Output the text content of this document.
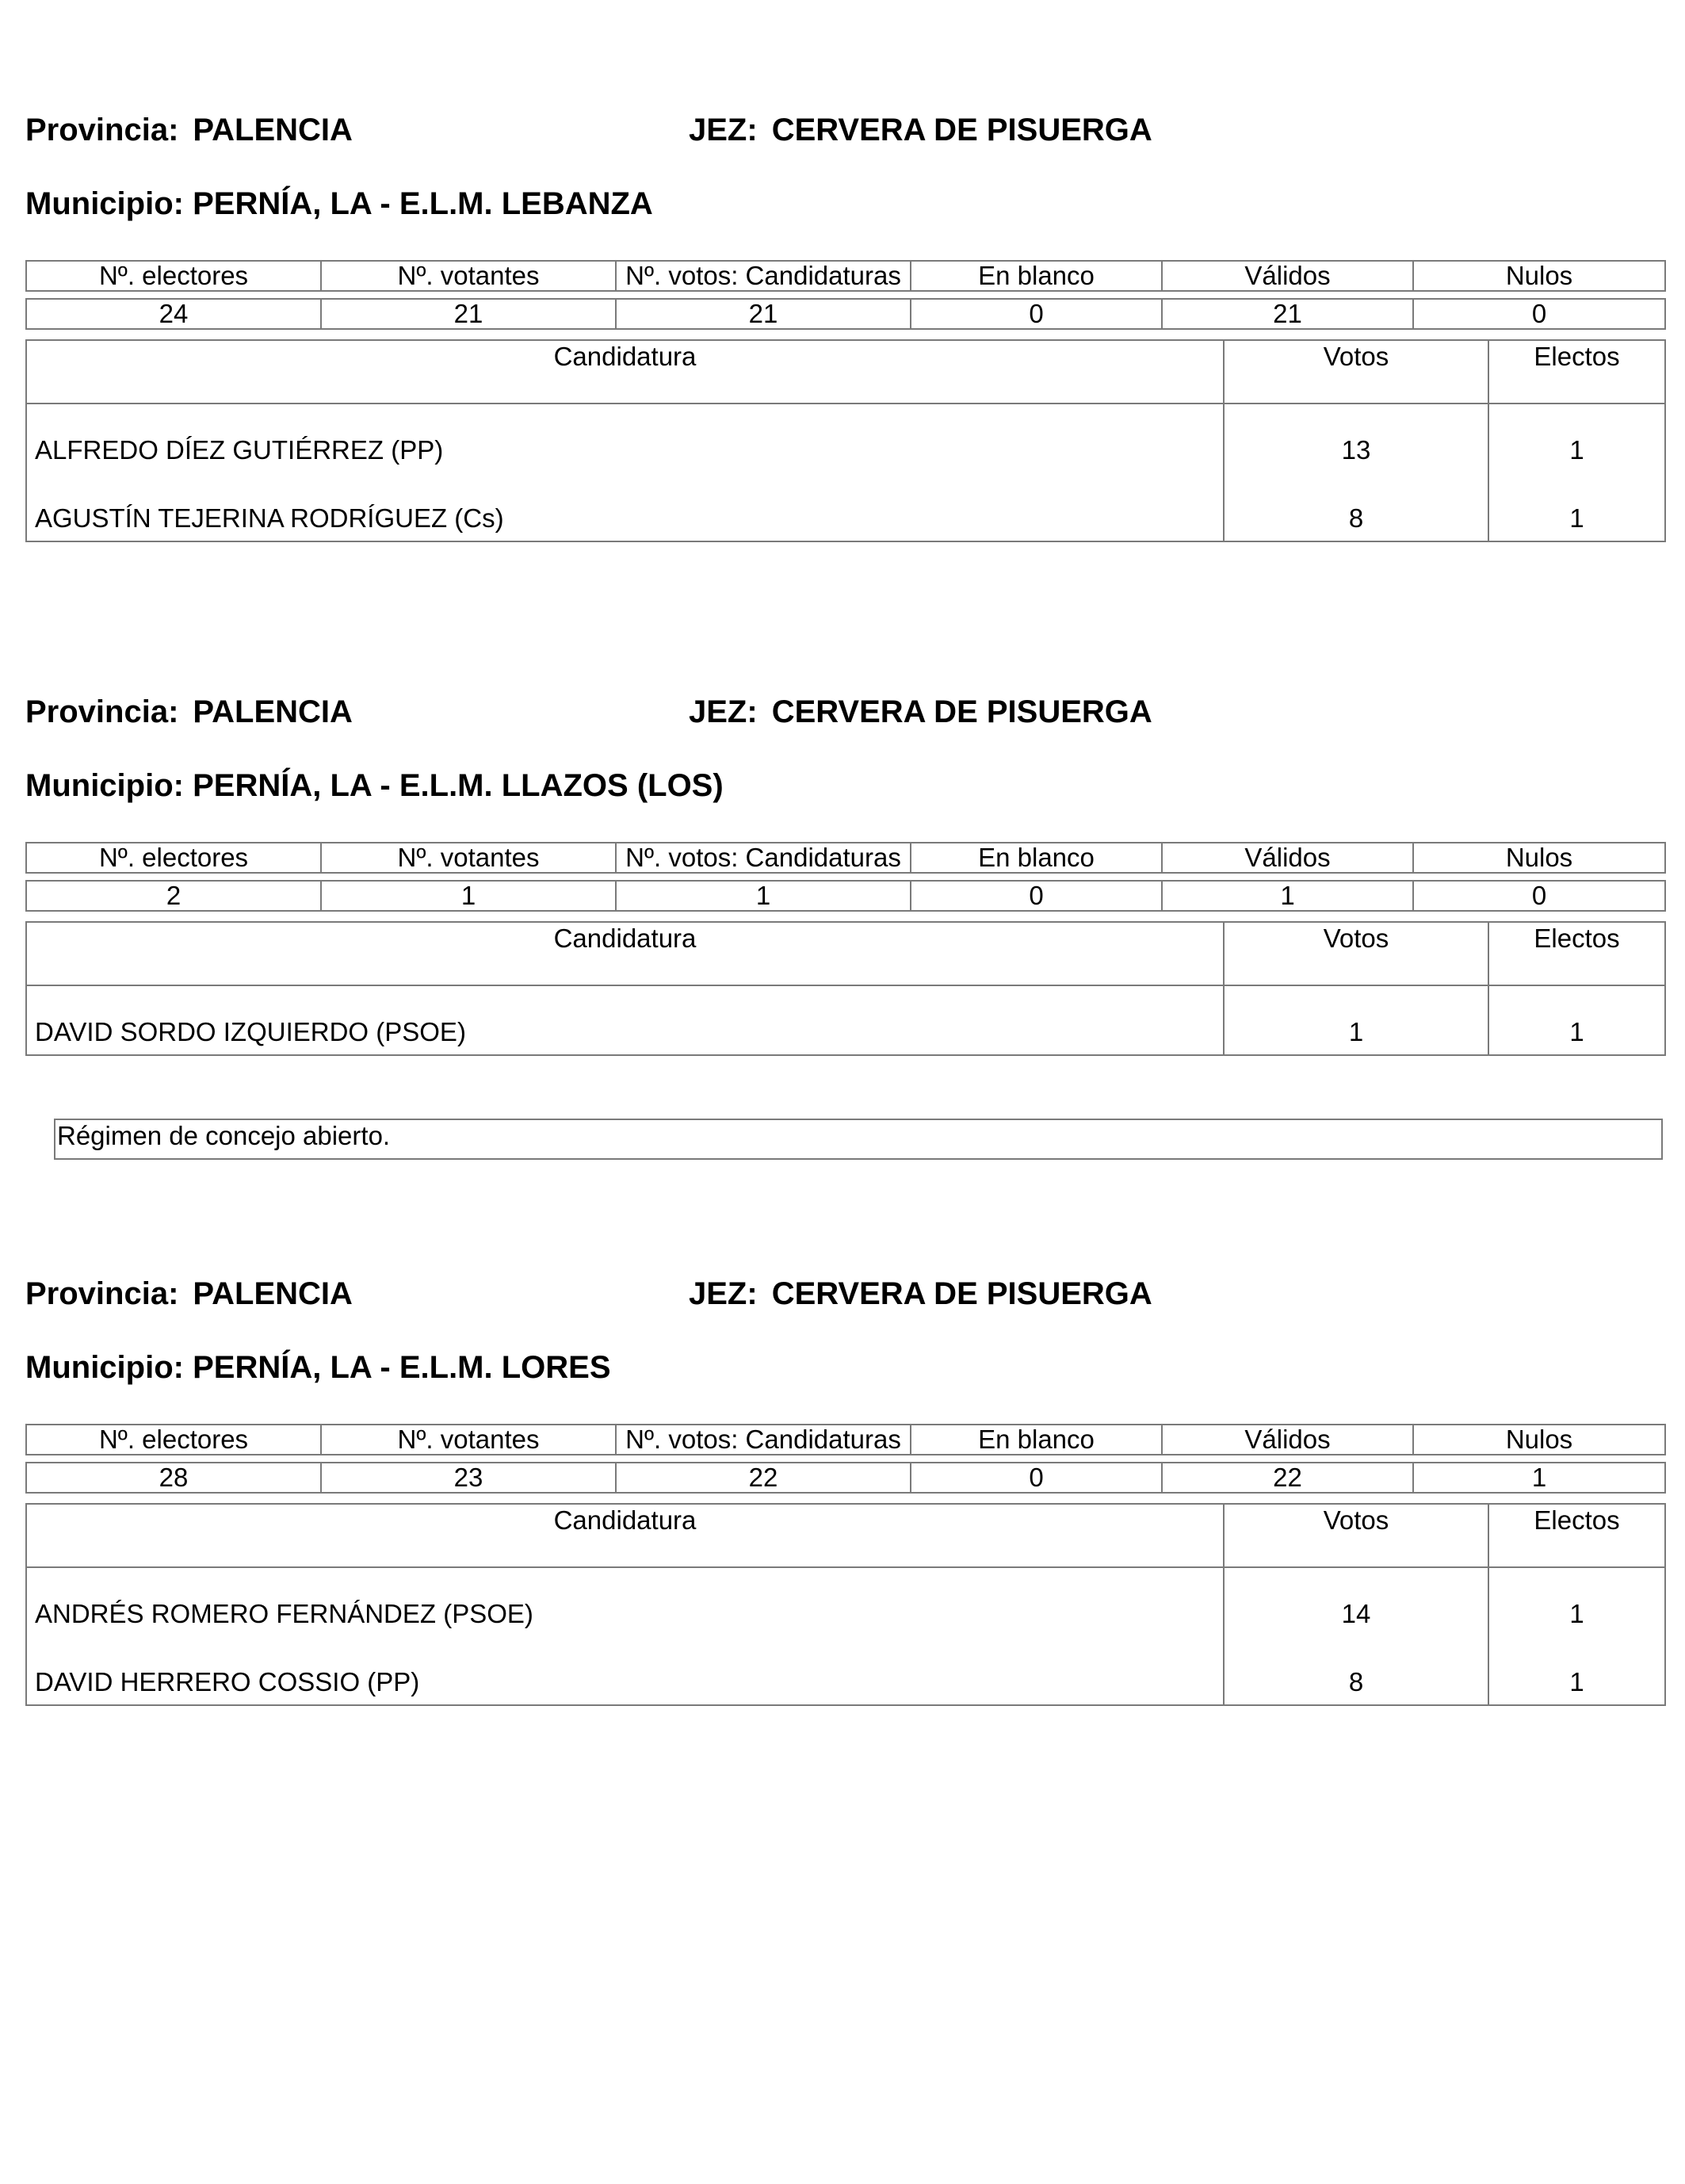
Provincia: PALENCIA	JEZ: CERVERA DE PISUERGA
Municipio: PERNÍA, LA - E.L.M. LEBANZA
Nº. electores	Nº. votantes	Nº. votos: Candidaturas	En blanco	Válidos	Nulos

24	21	21	0	21	0
Candidatura	Votos	Electos
ALFREDO DÍEZ GUTIÉRREZ (PP)	13	1
AGUSTÍN TEJERINA RODRÍGUEZ (Cs)	8	1
Provincia: PALENCIA	JEZ: CERVERA DE PISUERGA
Municipio: PERNÍA, LA - E.L.M. LLAZOS (LOS)
Nº. electores	Nº. votantes	Nº. votos: Candidaturas	En blanco	Válidos	Nulos

2	1	1	0	1	0
Candidatura	Votos	Electos
DAVID SORDO IZQUIERDO (PSOE)	1	1
Régimen de concejo abierto.
Provincia: PALENCIA	JEZ: CERVERA DE PISUERGA
Municipio: PERNÍA, LA - E.L.M. LORES
Nº. electores	Nº. votantes	Nº. votos: Candidaturas	En blanco	Válidos	Nulos

28	23	22	0	22	1
Candidatura	Votos	Electos
ANDRÉS ROMERO FERNÁNDEZ (PSOE)	14	1
DAVID HERRERO COSSIO (PP)	8	1
